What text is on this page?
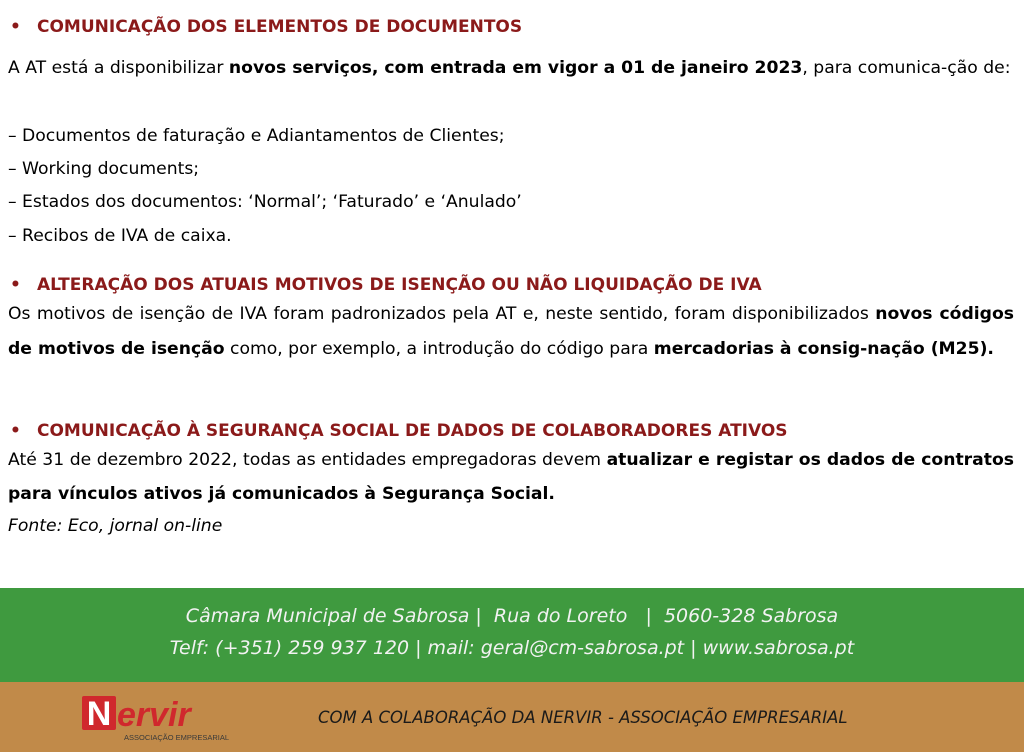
• COMUNICAÇÃO DOS ELEMENTOS DE DOCUMENTOS

A AT está a disponibilizar novos serviços, com entrada em vigor a 01 de janeiro 2023, para comunica-ção de:

– Documentos de faturação e Adiantamentos de Clientes;
– Working documents;
– Estados dos documentos: ‘Normal’; ‘Faturado’ e ‘Anulado’
– Recibos de IVA de caixa.
• ALTERAÇÃO DOS ATUAIS MOTIVOS DE ISENÇÃO OU NÃO LIQUIDAÇÃO DE IVA

Os motivos de isenção de IVA foram padronizados pela AT e, neste sentido, foram disponibilizados novos códigos de motivos de isenção como, por exemplo, a introdução do código para mercadorias à consig-nação (M25).

• COMUNICAÇÃO À SEGURANÇA SOCIAL DE DADOS DE COLABORADORES ATIVOS

Até 31 de dezembro 2022, todas as entidades empregadoras devem atualizar e registar os dados de contratos para vínculos ativos já comunicados à Segurança Social.

Fonte: Eco, jornal on-line
Câmara Municipal de Sabrosa |  Rua do Loreto   |  5060-328 Sabrosa
Telf: (+351) 259 937 120 | mail: geral@cm-sabrosa.pt | www.sabrosa.pt
N ervir
ASSOCIAÇÃO EMPRESARIAL
COM A COLABORAÇÃO DA NERVIR - ASSOCIAÇÃO EMPRESARIAL
